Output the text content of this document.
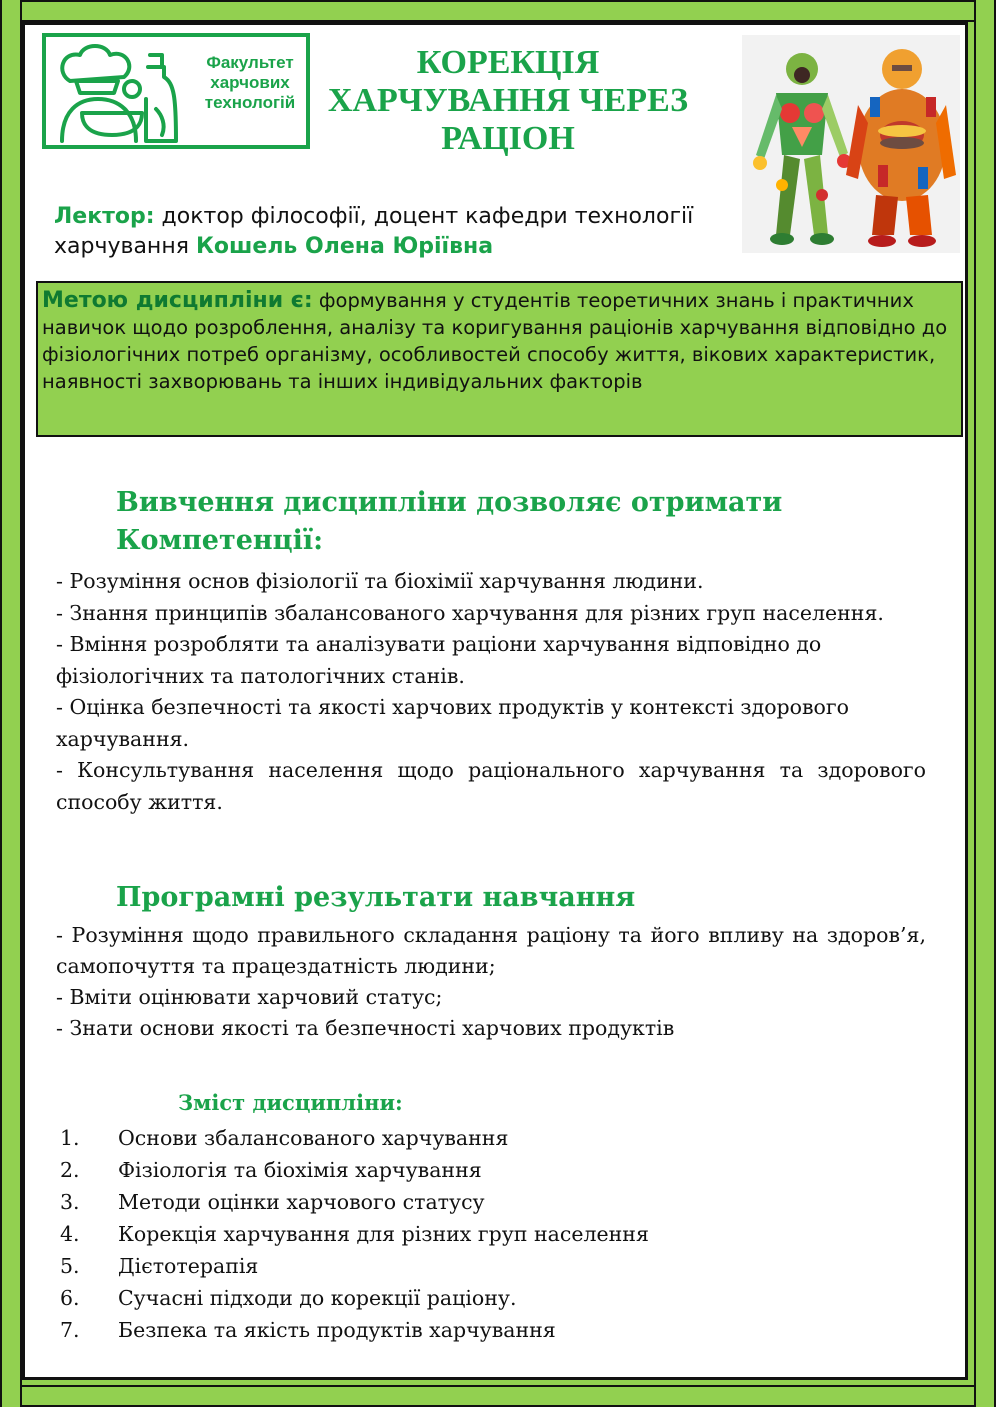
Факультет харчових технологій
КОРЕКЦІЯ ХАРЧУВАННЯ ЧЕРЕЗ РАЦІОН
Лектор: доктор філософії, доцент кафедри технології харчування Кошель Олена Юріївна
Метою дисципліни є: формування у студентів теоретичних знань і практичних навичок щодо розроблення, аналізу та коригування раціонів харчування відповідно до фізіологічних потреб організму, особливостей способу життя, вікових характеристик, наявності захворювань та інших індивідуальних факторів
Вивчення дисципліни дозволяє отримати
Компетенції:

- Розуміння основ фізіології та біохімії харчування людини.

- Знання принципів збалансованого харчування для різних груп населення.

- Вміння розробляти та аналізувати раціони харчування відповідно до фізіологічних та патологічних станів.

- Оцінка безпечності та якості харчових продуктів у контексті здорового харчування.

- Консультування населення щодо раціонального харчування та здорового способу життя.

Програмні результати навчання

- Розуміння щодо правильного складання раціону та його впливу на здоров’я, самопочуття та працездатність людини;

- Вміти оцінювати харчовий статус;

- Знати основи якості та безпечності харчових продуктів

Зміст дисципліни:
1.	Основи збалансованого харчування
2.	Фізіологія та біохімія харчування
3.	Методи оцінки харчового статусу
4.	Корекція харчування для різних груп населення
5.	Дієтотерапія
6.	Сучасні підходи до корекції раціону.
7.	Безпека та якість продуктів харчування
